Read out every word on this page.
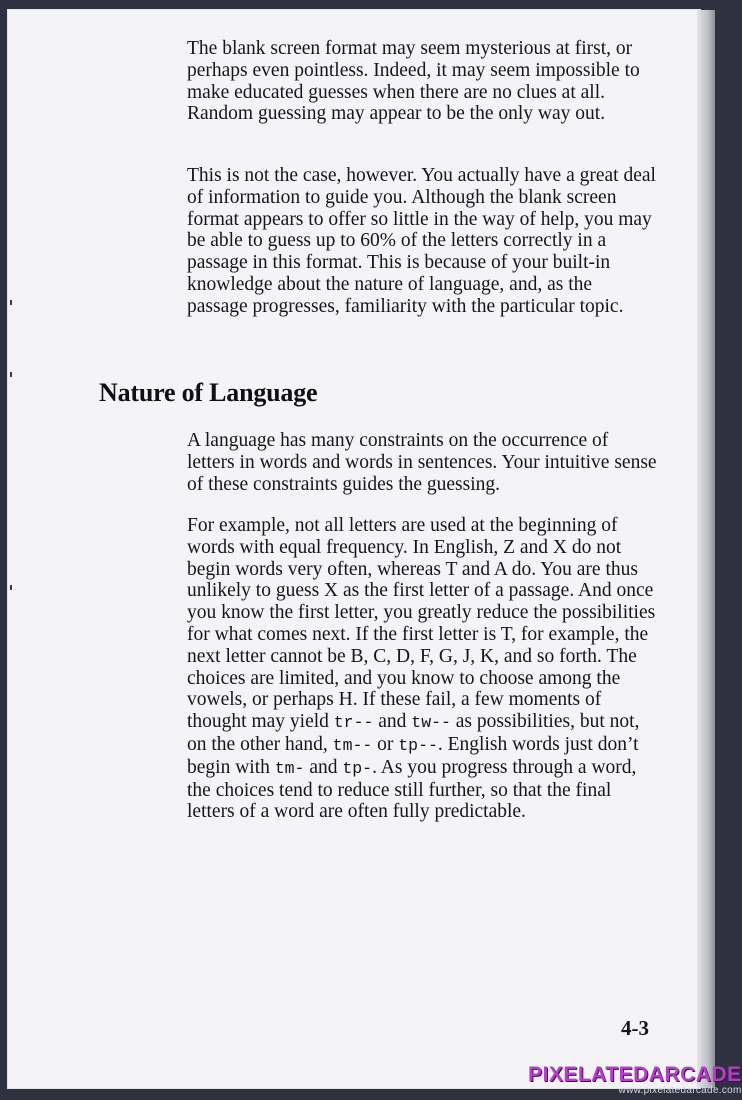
The blank screen format may seem mysterious at first, or perhaps even pointless. Indeed, it may seem impossible to make educated guesses when there are no clues at all. Random guessing may appear to be the only way out.

This is not the case, however. You actually have a great deal of information to guide you. Although the blank screen format appears to offer so little in the way of help, you may be able to guess up to 60% of the letters correctly in a passage in this format. This is because of your built-in knowledge about the nature of language, and, as the passage progresses, familiarity with the particular topic.

Nature of Language

A language has many constraints on the occurrence of letters in words and words in sentences. Your intuitive sense of these constraints guides the guessing.

For example, not all letters are used at the beginning of words with equal frequency. In English, Z and X do not begin words very often, whereas T and A do. You are thus unlikely to guess X as the first letter of a passage. And once you know the first letter, you greatly reduce the possibilities for what comes next. If the first letter is T, for example, the next letter cannot be B, C, D, F, G, J, K, and so forth. The choices are limited, and you know to choose among the vowels, or perhaps H. If these fail, a few moments of thought may yield tr-- and tw-- as possibilities, but not, on the other hand, tm-- or tp--. English words just don’t begin with tm- and tp-. As you progress through a word, the choices tend to reduce still further, so that the final letters of a word are often fully predictable.

4-3
PIXELATEDARCADE
www.pixelatedarcade.com
